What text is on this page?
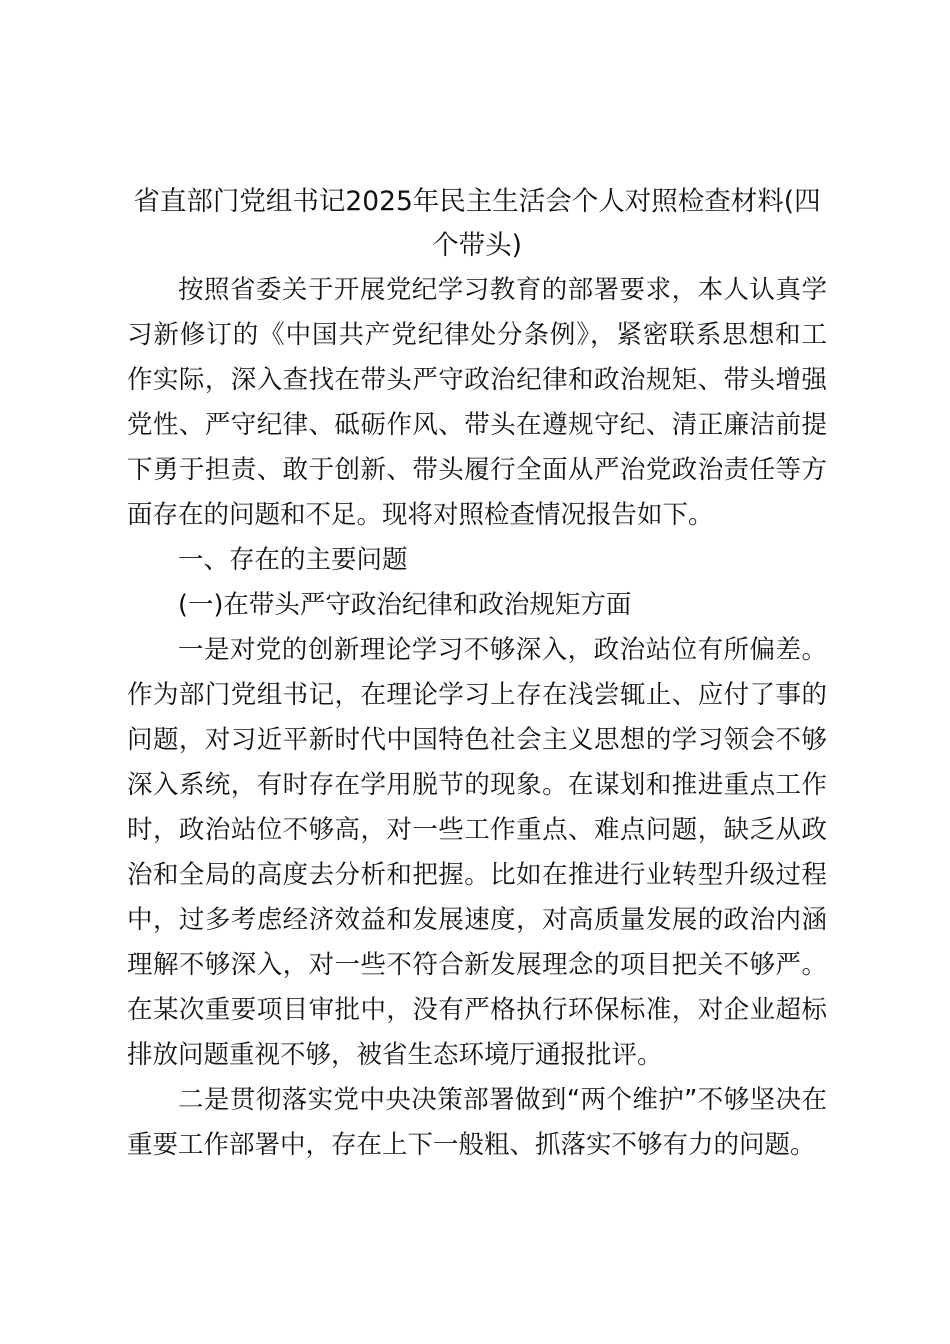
省直部门党组书记2025年民主生活会个人对照检查材料(四个带头)

按照省委关于开展党纪学习教育的部署要求，本人认真学习新修订的《中国共产党纪律处分条例》，紧密联系思想和工作实际，深入查找在带头严守政治纪律和政治规矩、带头增强党性、严守纪律、砥砺作风、带头在遵规守纪、清正廉洁前提下勇于担责、敢于创新、带头履行全面从严治党政治责任等方面存在的问题和不足。现将对照检查情况报告如下。

一、存在的主要问题

(一)在带头严守政治纪律和政治规矩方面

一是对党的创新理论学习不够深入，政治站位有所偏差。作为部门党组书记，在理论学习上存在浅尝辄止、应付了事的问题，对习近平新时代中国特色社会主义思想的学习领会不够深入系统，有时存在学用脱节的现象。在谋划和推进重点工作时，政治站位不够高，对一些工作重点、难点问题，缺乏从政治和全局的高度去分析和把握。比如在推进行业转型升级过程中，过多考虑经济效益和发展速度，对高质量发展的政治内涵理解不够深入，对一些不符合新发展理念的项目把关不够严。在某次重要项目审批中，没有严格执行环保标准，对企业超标排放问题重视不够，被省生态环境厅通报批评。

二是贯彻落实党中央决策部署做到“两个维护”不够坚决在重要工作部署中，存在上下一般粗、抓落实不够有力的问题。
